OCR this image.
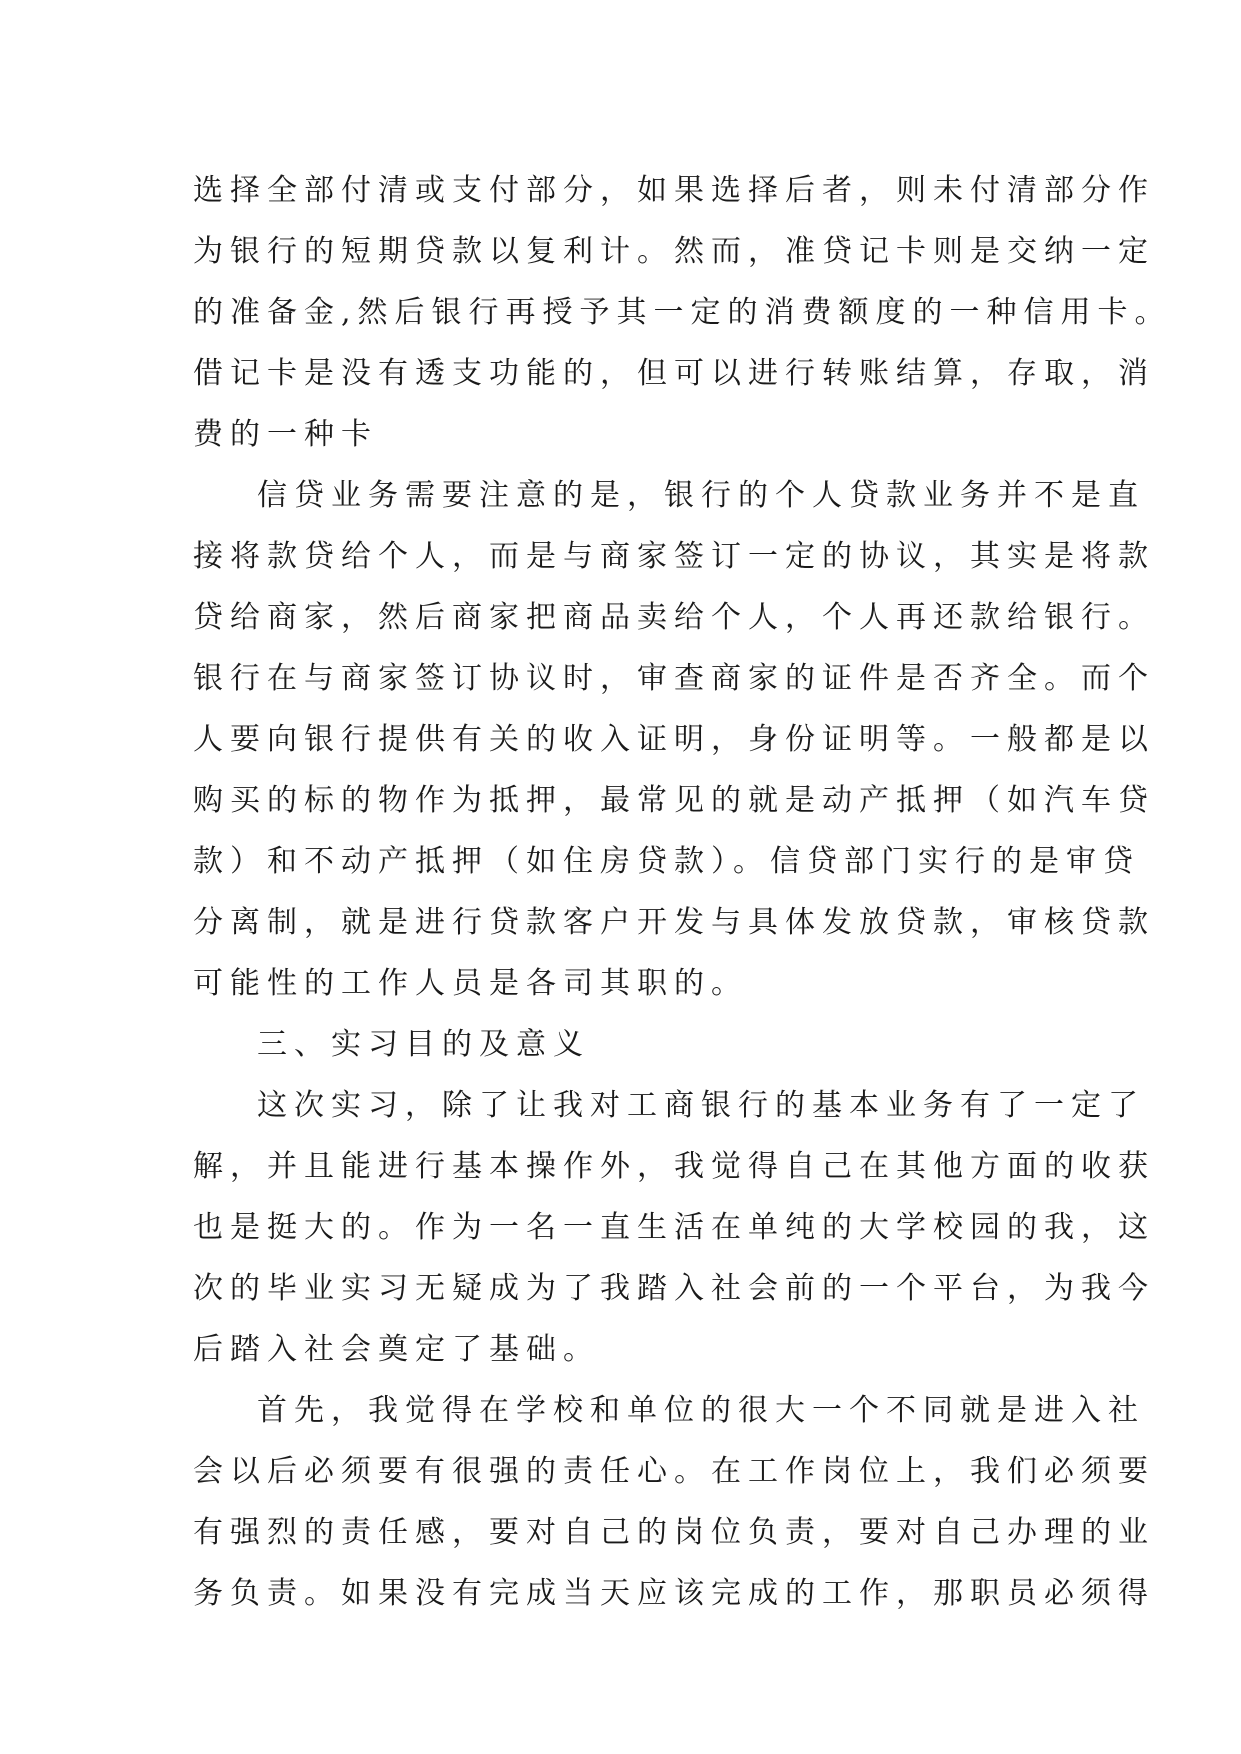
选择全部付清或支付部分，如果选择后者，则未付清部分作
为银行的短期贷款以复利计。然而，准贷记卡则是交纳一定
的准备金,然后银行再授予其一定的消费额度的一种信用卡。
借记卡是没有透支功能的，但可以进行转账结算，存取，消
费的一种卡
信贷业务需要注意的是，银行的个人贷款业务并不是直
接将款贷给个人，而是与商家签订一定的协议，其实是将款
贷给商家，然后商家把商品卖给个人，个人再还款给银行。
银行在与商家签订协议时，审查商家的证件是否齐全。而个
人要向银行提供有关的收入证明，身份证明等。一般都是以
购买的标的物作为抵押，最常见的就是动产抵押（如汽车贷
款）和不动产抵押（如住房贷款）。信贷部门实行的是审贷
分离制，就是进行贷款客户开发与具体发放贷款，审核贷款
可能性的工作人员是各司其职的。
三、实习目的及意义
这次实习，除了让我对工商银行的基本业务有了一定了
解，并且能进行基本操作外，我觉得自己在其他方面的收获
也是挺大的。作为一名一直生活在单纯的大学校园的我，这
次的毕业实习无疑成为了我踏入社会前的一个平台，为我今
后踏入社会奠定了基础。
首先，我觉得在学校和单位的很大一个不同就是进入社
会以后必须要有很强的责任心。在工作岗位上，我们必须要
有强烈的责任感，要对自己的岗位负责，要对自己办理的业
务负责。如果没有完成当天应该完成的工作，那职员必须得
